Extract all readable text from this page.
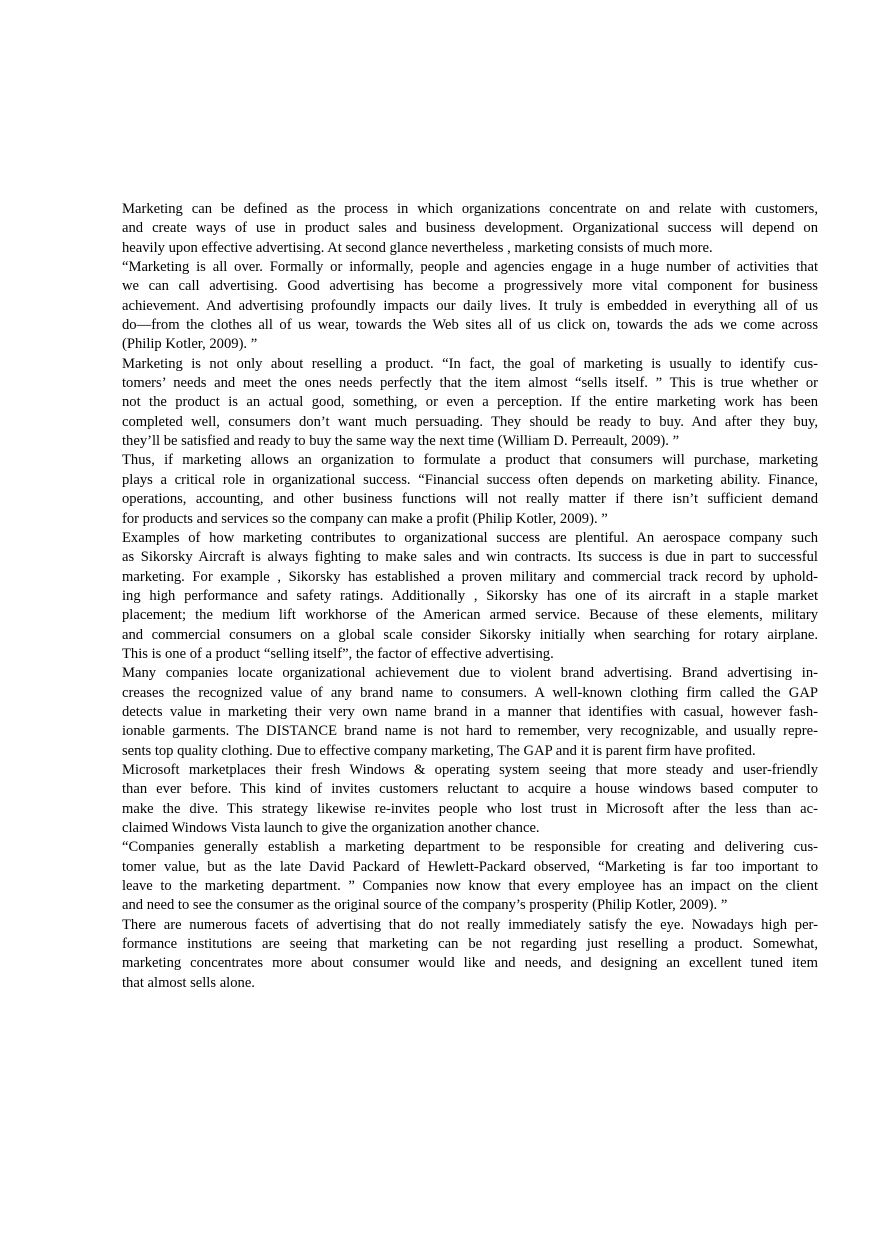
Marketing can be defined as the process in which organizations concentrate on and relate with customers,
and create ways of use in product sales and business development. Organizational success will depend on
heavily upon effective advertising. At second glance nevertheless , marketing consists of much more.
“Marketing is all over. Formally or informally, people and agencies engage in a huge number of activities that
we can call advertising. Good advertising has become a progressively more vital component for business
achievement. And advertising profoundly impacts our daily lives. It truly is embedded in everything all of us
do—from the clothes all of us wear, towards the Web sites all of us click on, towards the ads we come across
(Philip Kotler, 2009). ”
Marketing is not only about reselling a product. “In fact, the goal of marketing is usually to identify cus-
tomers’ needs and meet the ones needs perfectly that the item almost “sells itself. ” This is true whether or
not the product is an actual good, something, or even a perception. If the entire marketing work has been
completed well, consumers don’t want much persuading. They should be ready to buy. And after they buy,
they’ll be satisfied and ready to buy the same way the next time (William D. Perreault, 2009). ”
Thus, if marketing allows an organization to formulate a product that consumers will purchase, marketing
plays a critical role in organizational success. “Financial success often depends on marketing ability. Finance,
operations, accounting, and other business functions will not really matter if there isn’t sufficient demand
for products and services so the company can make a profit (Philip Kotler, 2009). ”
Examples of how marketing contributes to organizational success are plentiful. An aerospace company such
as Sikorsky Aircraft is always fighting to make sales and win contracts. Its success is due in part to successful
marketing. For example , Sikorsky has established a proven military and commercial track record by uphold-
ing high performance and safety ratings. Additionally , Sikorsky has one of its aircraft in a staple market
placement; the medium lift workhorse of the American armed service. Because of these elements, military
and commercial consumers on a global scale consider Sikorsky initially when searching for rotary airplane.
This is one of a product “selling itself”, the factor of effective advertising.
Many companies locate organizational achievement due to violent brand advertising. Brand advertising in-
creases the recognized value of any brand name to consumers. A well-known clothing firm called the GAP
detects value in marketing their very own name brand in a manner that identifies with casual, however fash-
ionable garments. The DISTANCE brand name is not hard to remember, very recognizable, and usually repre-
sents top quality clothing. Due to effective company marketing, The GAP and it is parent firm have profited.
Microsoft marketplaces their fresh Windows & operating system seeing that more steady and user-friendly
than ever before. This kind of invites customers reluctant to acquire a house windows based computer to
make the dive. This strategy likewise re-invites people who lost trust in Microsoft after the less than ac-
claimed Windows Vista launch to give the organization another chance.
“Companies generally establish a marketing department to be responsible for creating and delivering cus-
tomer value, but as the late David Packard of Hewlett-Packard observed, “Marketing is far too important to
leave to the marketing department. ” Companies now know that every employee has an impact on the client
and need to see the consumer as the original source of the company’s prosperity (Philip Kotler, 2009). ”
There are numerous facets of advertising that do not really immediately satisfy the eye. Nowadays high per-
formance institutions are seeing that marketing can be not regarding just reselling a product. Somewhat,
marketing concentrates more about consumer would like and needs, and designing an excellent tuned item
that almost sells alone.
